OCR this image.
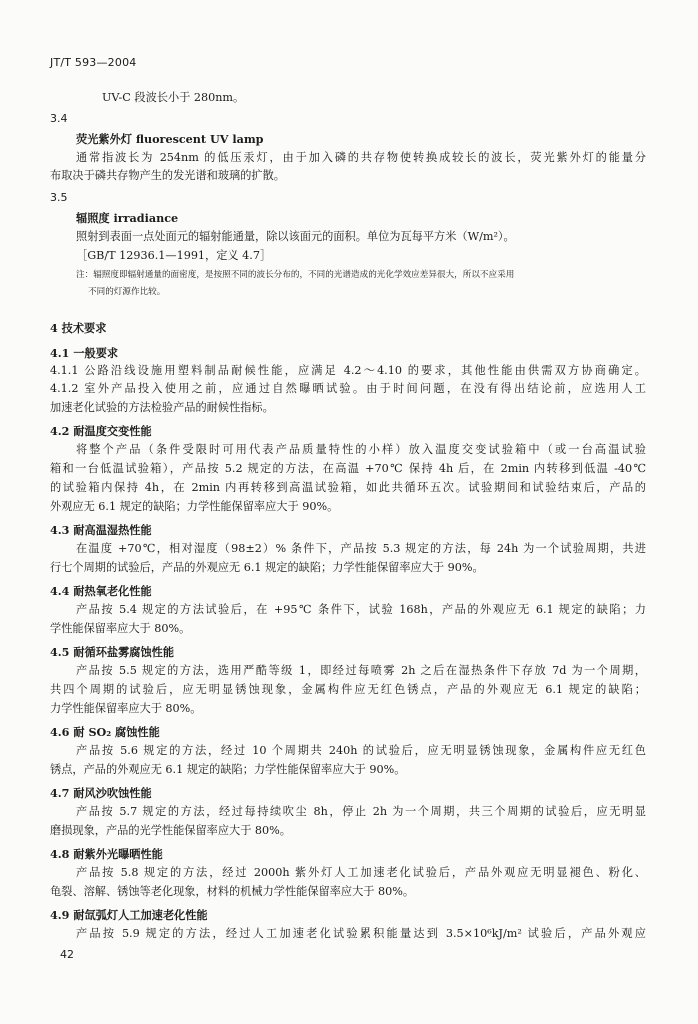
JT/T 593—2004
UV-C 段波长小于 280nm。
3.4
荧光紫外灯 fluorescent UV lamp
通常指波长为 254nm 的低压汞灯，由于加入磷的共存物使转换成较长的波长，荧光紫外灯的能量分
布取决于磷共存物产生的发光谱和玻璃的扩散。
3.5
辐照度 irradiance
照射到表面一点处面元的辐射能通量，除以该面元的面积。单位为瓦每平方米（W/m²）。
［GB/T 12936.1—1991，定义 4.7］
注：辐照度即辐射通量的面密度，是按照不同的波长分布的，不同的光谱造成的光化学效应差异很大，所以不应采用
不同的灯源作比较。
4 技术要求
4.1 一般要求
4.1.1 公路沿线设施用塑料制品耐候性能，应满足 4.2～4.10 的要求，其他性能由供需双方协商确定。
4.1.2 室外产品投入使用之前，应通过自然曝晒试验。由于时间问题，在没有得出结论前，应选用人工
加速老化试验的方法检验产品的耐候性指标。
4.2 耐温度交变性能
将整个产品（条件受限时可用代表产品质量特性的小样）放入温度交变试验箱中（或一台高温试验
箱和一台低温试验箱），产品按 5.2 规定的方法，在高温 +70℃ 保持 4h 后，在 2min 内转移到低温 -40℃
的试验箱内保持 4h，在 2min 内再转移到高温试验箱，如此共循环五次。试验期间和试验结束后，产品的
外观应无 6.1 规定的缺陷；力学性能保留率应大于 90%。
4.3 耐高温湿热性能
在温度 +70℃，相对湿度（98±2）% 条件下，产品按 5.3 规定的方法，每 24h 为一个试验周期，共进
行七个周期的试验后，产品的外观应无 6.1 规定的缺陷；力学性能保留率应大于 90%。
4.4 耐热氧老化性能
产品按 5.4 规定的方法试验后，在 +95℃ 条件下，试验 168h，产品的外观应无 6.1 规定的缺陷；力
学性能保留率应大于 80%。
4.5 耐循环盐雾腐蚀性能
产品按 5.5 规定的方法，选用严酷等级 1，即经过每喷雾 2h 之后在湿热条件下存放 7d 为一个周期，
共四个周期的试验后，应无明显锈蚀现象，金属构件应无红色锈点，产品的外观应无 6.1 规定的缺陷；
力学性能保留率应大于 80%。
4.6 耐 SO₂ 腐蚀性能
产品按 5.6 规定的方法，经过 10 个周期共 240h 的试验后，应无明显锈蚀现象，金属构件应无红色
锈点，产品的外观应无 6.1 规定的缺陷；力学性能保留率应大于 90%。
4.7 耐风沙吹蚀性能
产品按 5.7 规定的方法，经过每持续吹尘 8h，停止 2h 为一个周期，共三个周期的试验后，应无明显
磨损现象，产品的光学性能保留率应大于 80%。
4.8 耐紫外光曝晒性能
产品按 5.8 规定的方法，经过 2000h 紫外灯人工加速老化试验后，产品外观应无明显褪色、粉化、
龟裂、溶解、锈蚀等老化现象，材料的机械力学性能保留率应大于 80%。
4.9 耐氙弧灯人工加速老化性能
产品按 5.9 规定的方法，经过人工加速老化试验累积能量达到 3.5×10⁶kJ/m² 试验后，产品外观应
42
